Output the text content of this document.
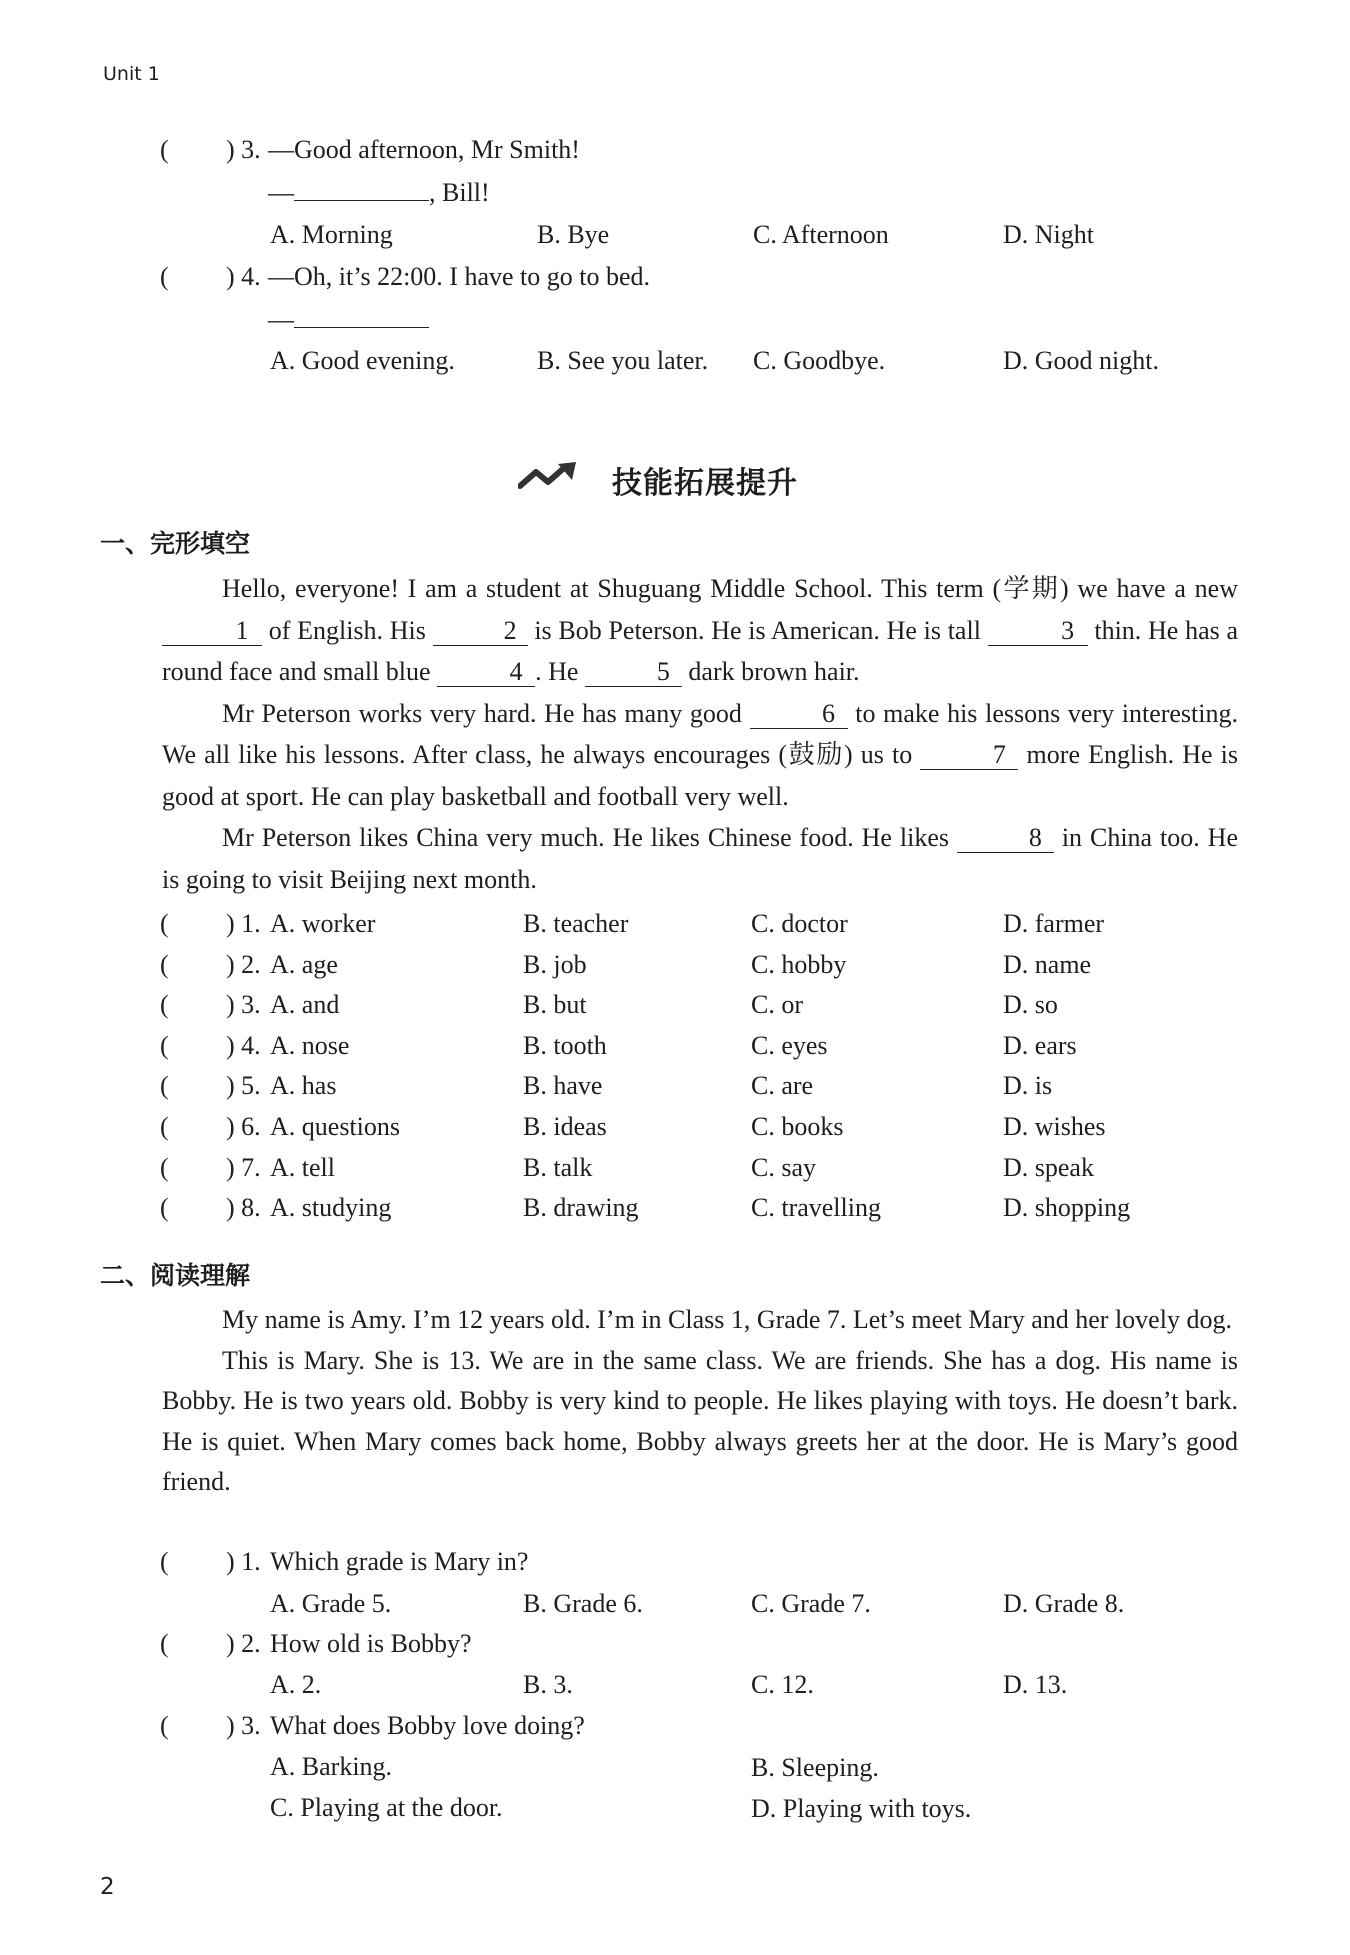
Unit 1
( ) 3. —Good afternoon, Mr Smith!
—	, Bill!
A. Morning	B. Bye	C. Afternoon	D. Night
( ) 4. —Oh, it’s 22:00. I have to go to bed.
—
A. Good evening.	B. See you later. C. Goodbye.	D. Good night.
技能拓展提升
一、完形填空

Hello, everyone! I am a student at Shuguang Middle School. This term (学期) we have a new 1 of English. His	2 is Bob Peterson. He is American. He is tall	3 thin. He has a round face and small blue	4 . He	5 dark brown hair.

Mr Peterson works very hard. He has many good	6 to make his lessons very interesting. We all like his lessons. After class, he always encourages (鼓励) us to	7 more English. He is good at sport. He can play basketball and football very well.

Mr Peterson likes China very much. He likes Chinese food. He likes	8 in China too. He is going to visit Beijing next month.

( ) 1. A. worker	B. teacher	C. doctor	D. farmer
( ) 2. A. age	B. job	C. hobby	D. name
( ) 3. A. and	B. but	C. or	D. so
( ) 4. A. nose	B. tooth	C. eyes	D. ears
( ) 5. A. has	B. have	C. are	D. is
( ) 6. A. questions	B. ideas	C. books	D. wishes
( ) 7. A. tell	B. talk	C. say	D. speak
( ) 8. A. studying	B. drawing	C. travelling	D. shopping
二、阅读理解

My name is Amy. I’m 12 years old. I’m in Class 1, Grade 7. Let’s meet Mary and her lovely dog.

This is Mary. She is 13. We are in the same class. We are friends. She has a dog. His name is Bobby. He is two years old. Bobby is very kind to people. He likes playing with toys. He doesn’t bark. He is quiet. When Mary comes back home, Bobby always greets her at the door. He is Mary’s good friend.

( ) 1. Which grade is Mary in?
A. Grade 5.	B. Grade 6.	C. Grade 7.	D. Grade 8.
( ) 2. How old is Bobby?
A. 2.	B. 3.	C. 12.	D. 13.
( ) 3. What does Bobby love doing?
A. Barking.	B. Sleeping.
C. Playing at the door.	D. Playing with toys.
2
